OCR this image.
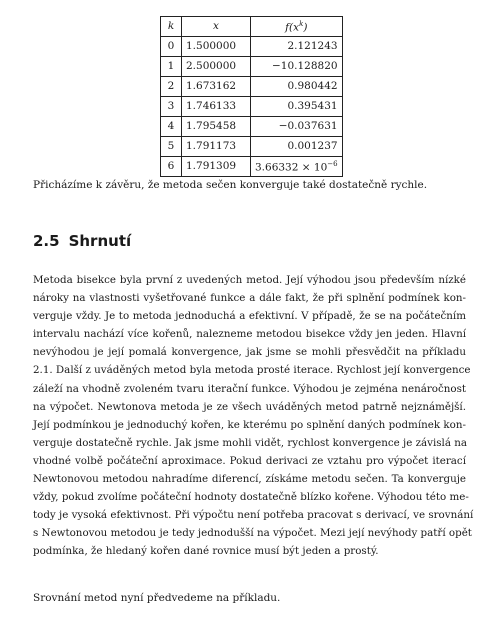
k	x	$f(x^k)$
0	1.500000	2.121243
1	2.500000	−10.128820
2	1.673162	0.980442
3	1.746133	0.395431
4	1.795458	−0.037631
5	1.791173	0.001237
6	1.791309	$3.66332 \times 10^{-6}$
Přicházíme k závěru, že metoda sečen konverguje také dostatečně rychle.
2.5 Shrnutí
Metoda bisekce byla první z uvedených metod. Její výhodou jsou především nízké
nároky na vlastnosti vyšetřované funkce a dále fakt, že při splnění podmínek kon-
verguje vždy. Je to metoda jednoduchá a efektivní. V případě, že se na počátečním
intervalu nachází více kořenů, nalezneme metodou bisekce vždy jen jeden. Hlavní
nevýhodou je její pomalá konvergence, jak jsme se mohli přesvědčit na příkladu
2.1. Další z uváděných metod byla metoda prosté iterace. Rychlost její konvergence
záleží na vhodně zvoleném tvaru iterační funkce. Výhodou je zejména nenáročnost
na výpočet. Newtonova metoda je ze všech uváděných metod patrně nejznámější.
Její podmínkou je jednoduchý kořen, ke kterému po splnění daných podmínek kon-
verguje dostatečně rychle. Jak jsme mohli vidět, rychlost konvergence je závislá na
vhodné volbě počáteční aproximace. Pokud derivaci ze vztahu pro výpočet iterací
Newtonovou metodou nahradíme diferencí, získáme metodu sečen. Ta konverguje
vždy, pokud zvolíme počáteční hodnoty dostatečně blízko kořene. Výhodou této me-
tody je vysoká efektivnost. Při výpočtu není potřeba pracovat s derivací, ve srovnání
s Newtonovou metodou je tedy jednodušší na výpočet. Mezi její nevýhody patří opět
podmínka, že hledaný kořen dané rovnice musí být jeden a prostý.
Srovnání metod nyní předvedeme na příkladu.
